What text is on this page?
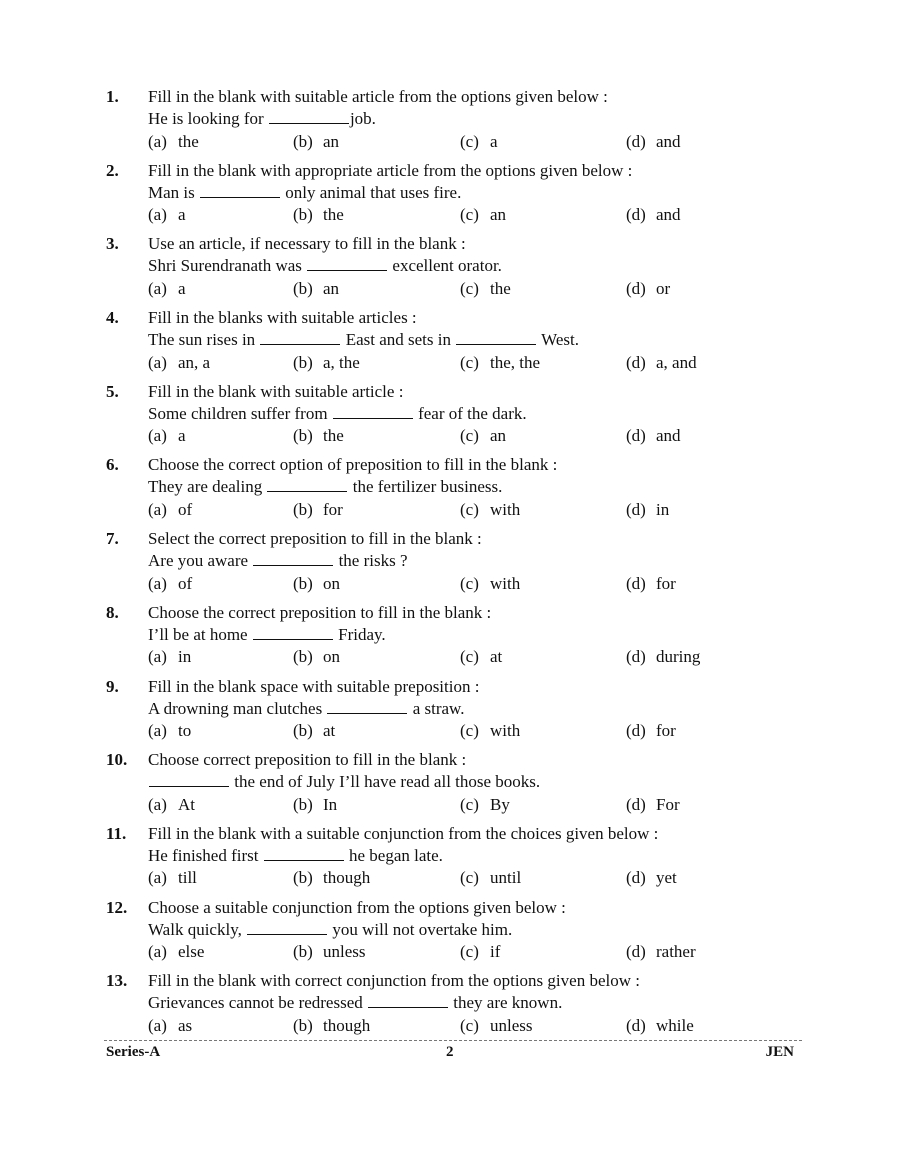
1. Fill in the blank with suitable article from the options given below :
He is looking for	job.
(a) the	(b) an	(c) a	(d) and
2. Fill in the blank with appropriate article from the options given below :
Man is	only animal that uses fire.
(a) a	(b) the	(c) an	(d) and
3. Use an article, if necessary to fill in the blank :
Shri Surendranath was	excellent orator.
(a) a	(b) an	(c) the	(d) or
4. Fill in the blanks with suitable articles :
The sun rises in	East and sets in	West.
(a) an, a	(b) a, the	(c) the, the	(d) a, and
5. Fill in the blank with suitable article :
Some children suffer from	fear of the dark.
(a) a	(b) the	(c) an	(d) and
6. Choose the correct option of preposition to fill in the blank :
They are dealing	the fertilizer business.
(a) of	(b) for	(c) with	(d) in
7. Select the correct preposition to fill in the blank :
Are you aware	the risks ?
(a) of	(b) on	(c) with	(d) for
8. Choose the correct preposition to fill in the blank :
I’ll be at home	Friday.
(a) in	(b) on	(c) at	(d) during
9. Fill in the blank space with suitable preposition :
A drowning man clutches	a straw.
(a) to	(b) at	(c) with	(d) for
10. Choose correct preposition to fill in the blank :
the end of July I’ll have read all those books.
(a) At	(b) In	(c) By	(d) For
11. Fill in the blank with a suitable conjunction from the choices given below :
He finished first	he began late.
(a) till	(b) though	(c) until	(d) yet
12. Choose a suitable conjunction from the options given below :
Walk quickly,	you will not overtake him.
(a) else	(b) unless	(c) if	(d) rather
13. Fill in the blank with correct conjunction from the options given below :
Grievances cannot be redressed	they are known.
(a) as	(b) though	(c) unless	(d) while
Series-A	2	JEN
